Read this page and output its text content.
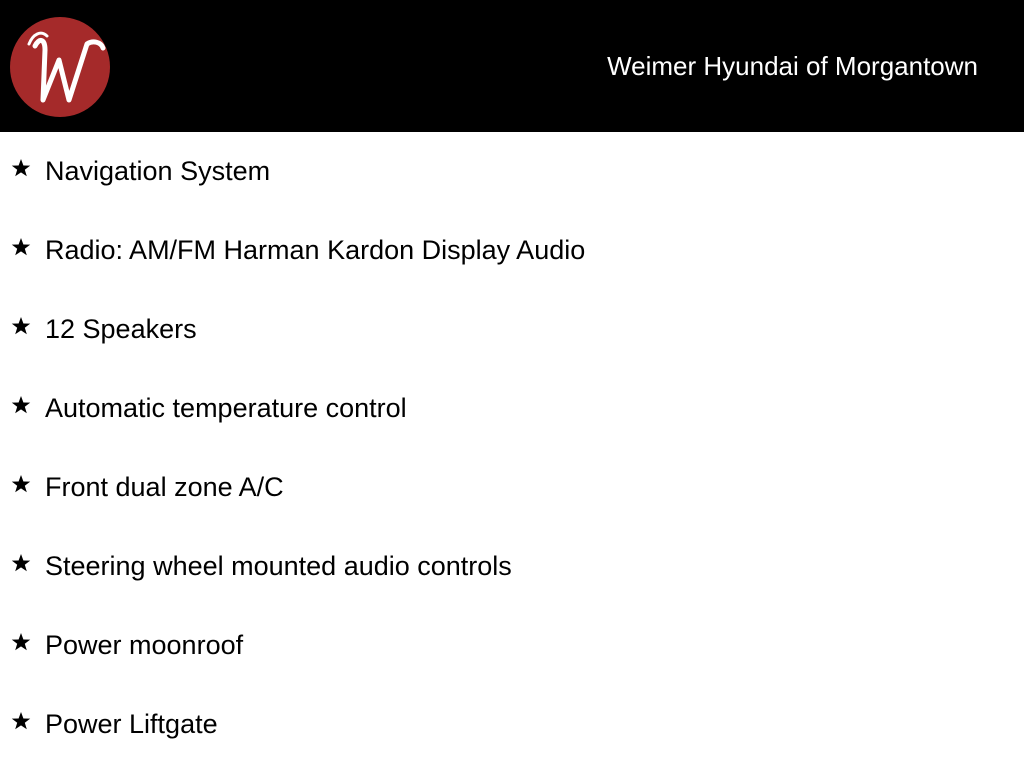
Weimer Hyundai of Morgantown
Navigation System
Radio: AM/FM Harman Kardon Display Audio
12 Speakers
Automatic temperature control
Front dual zone A/C
Steering wheel mounted audio controls
Power moonroof
Power Liftgate
